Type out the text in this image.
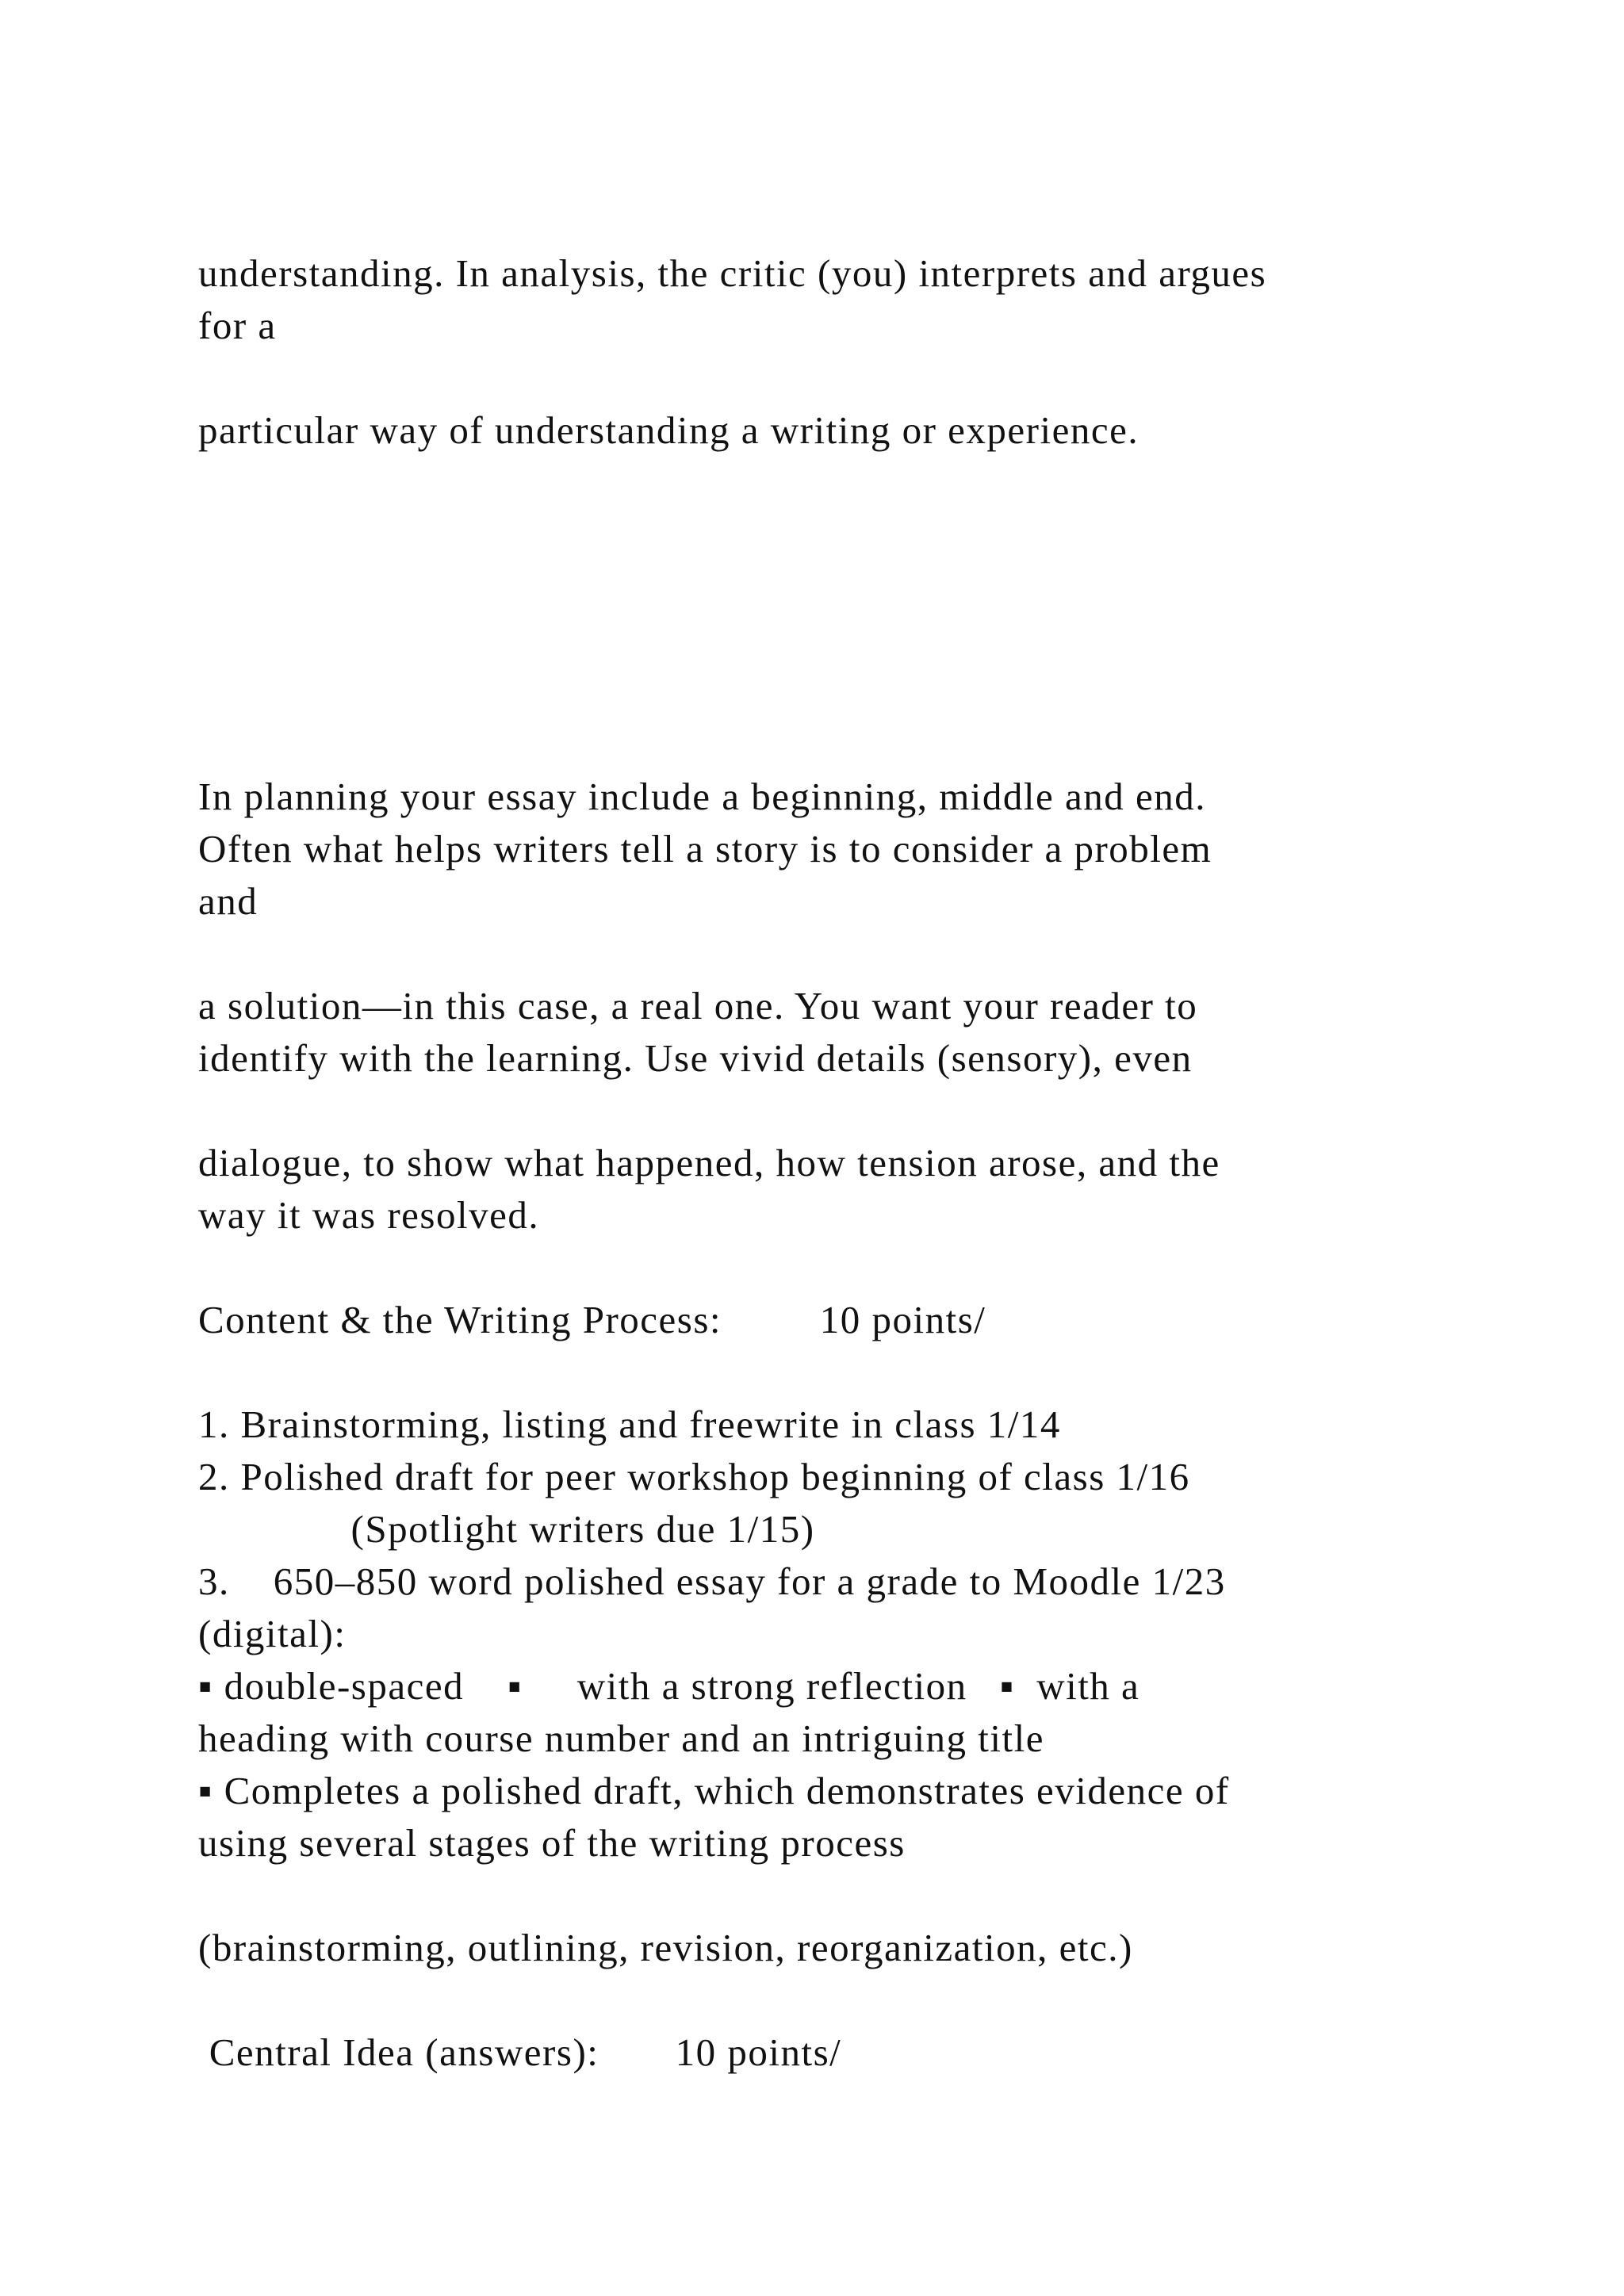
understanding. In analysis, the critic (you) interprets and argues
for a
particular way of understanding a writing or experience.
In planning your essay include a beginning, middle and end.
Often what helps writers tell a story is to consider a problem
and
a solution—in this case, a real one. You want your reader to
identify with the learning. Use vivid details (sensory), even
dialogue, to show what happened, how tension arose, and the
way it was resolved.
Content & the Writing Process:         10 points/
1. Brainstorming, listing and freewrite in class 1/14
2. Polished draft for peer workshop beginning of class 1/16
(Spotlight writers due 1/15)
3.    650–850 word polished essay for a grade to Moodle 1/23
(digital):
▪ double-spaced    ▪     with a strong reflection   ▪  with a
heading with course number and an intriguing title
▪ Completes a polished draft, which demonstrates evidence of
using several stages of the writing process
(brainstorming, outlining, revision, reorganization, etc.)
Central Idea (answers):       10 points/
